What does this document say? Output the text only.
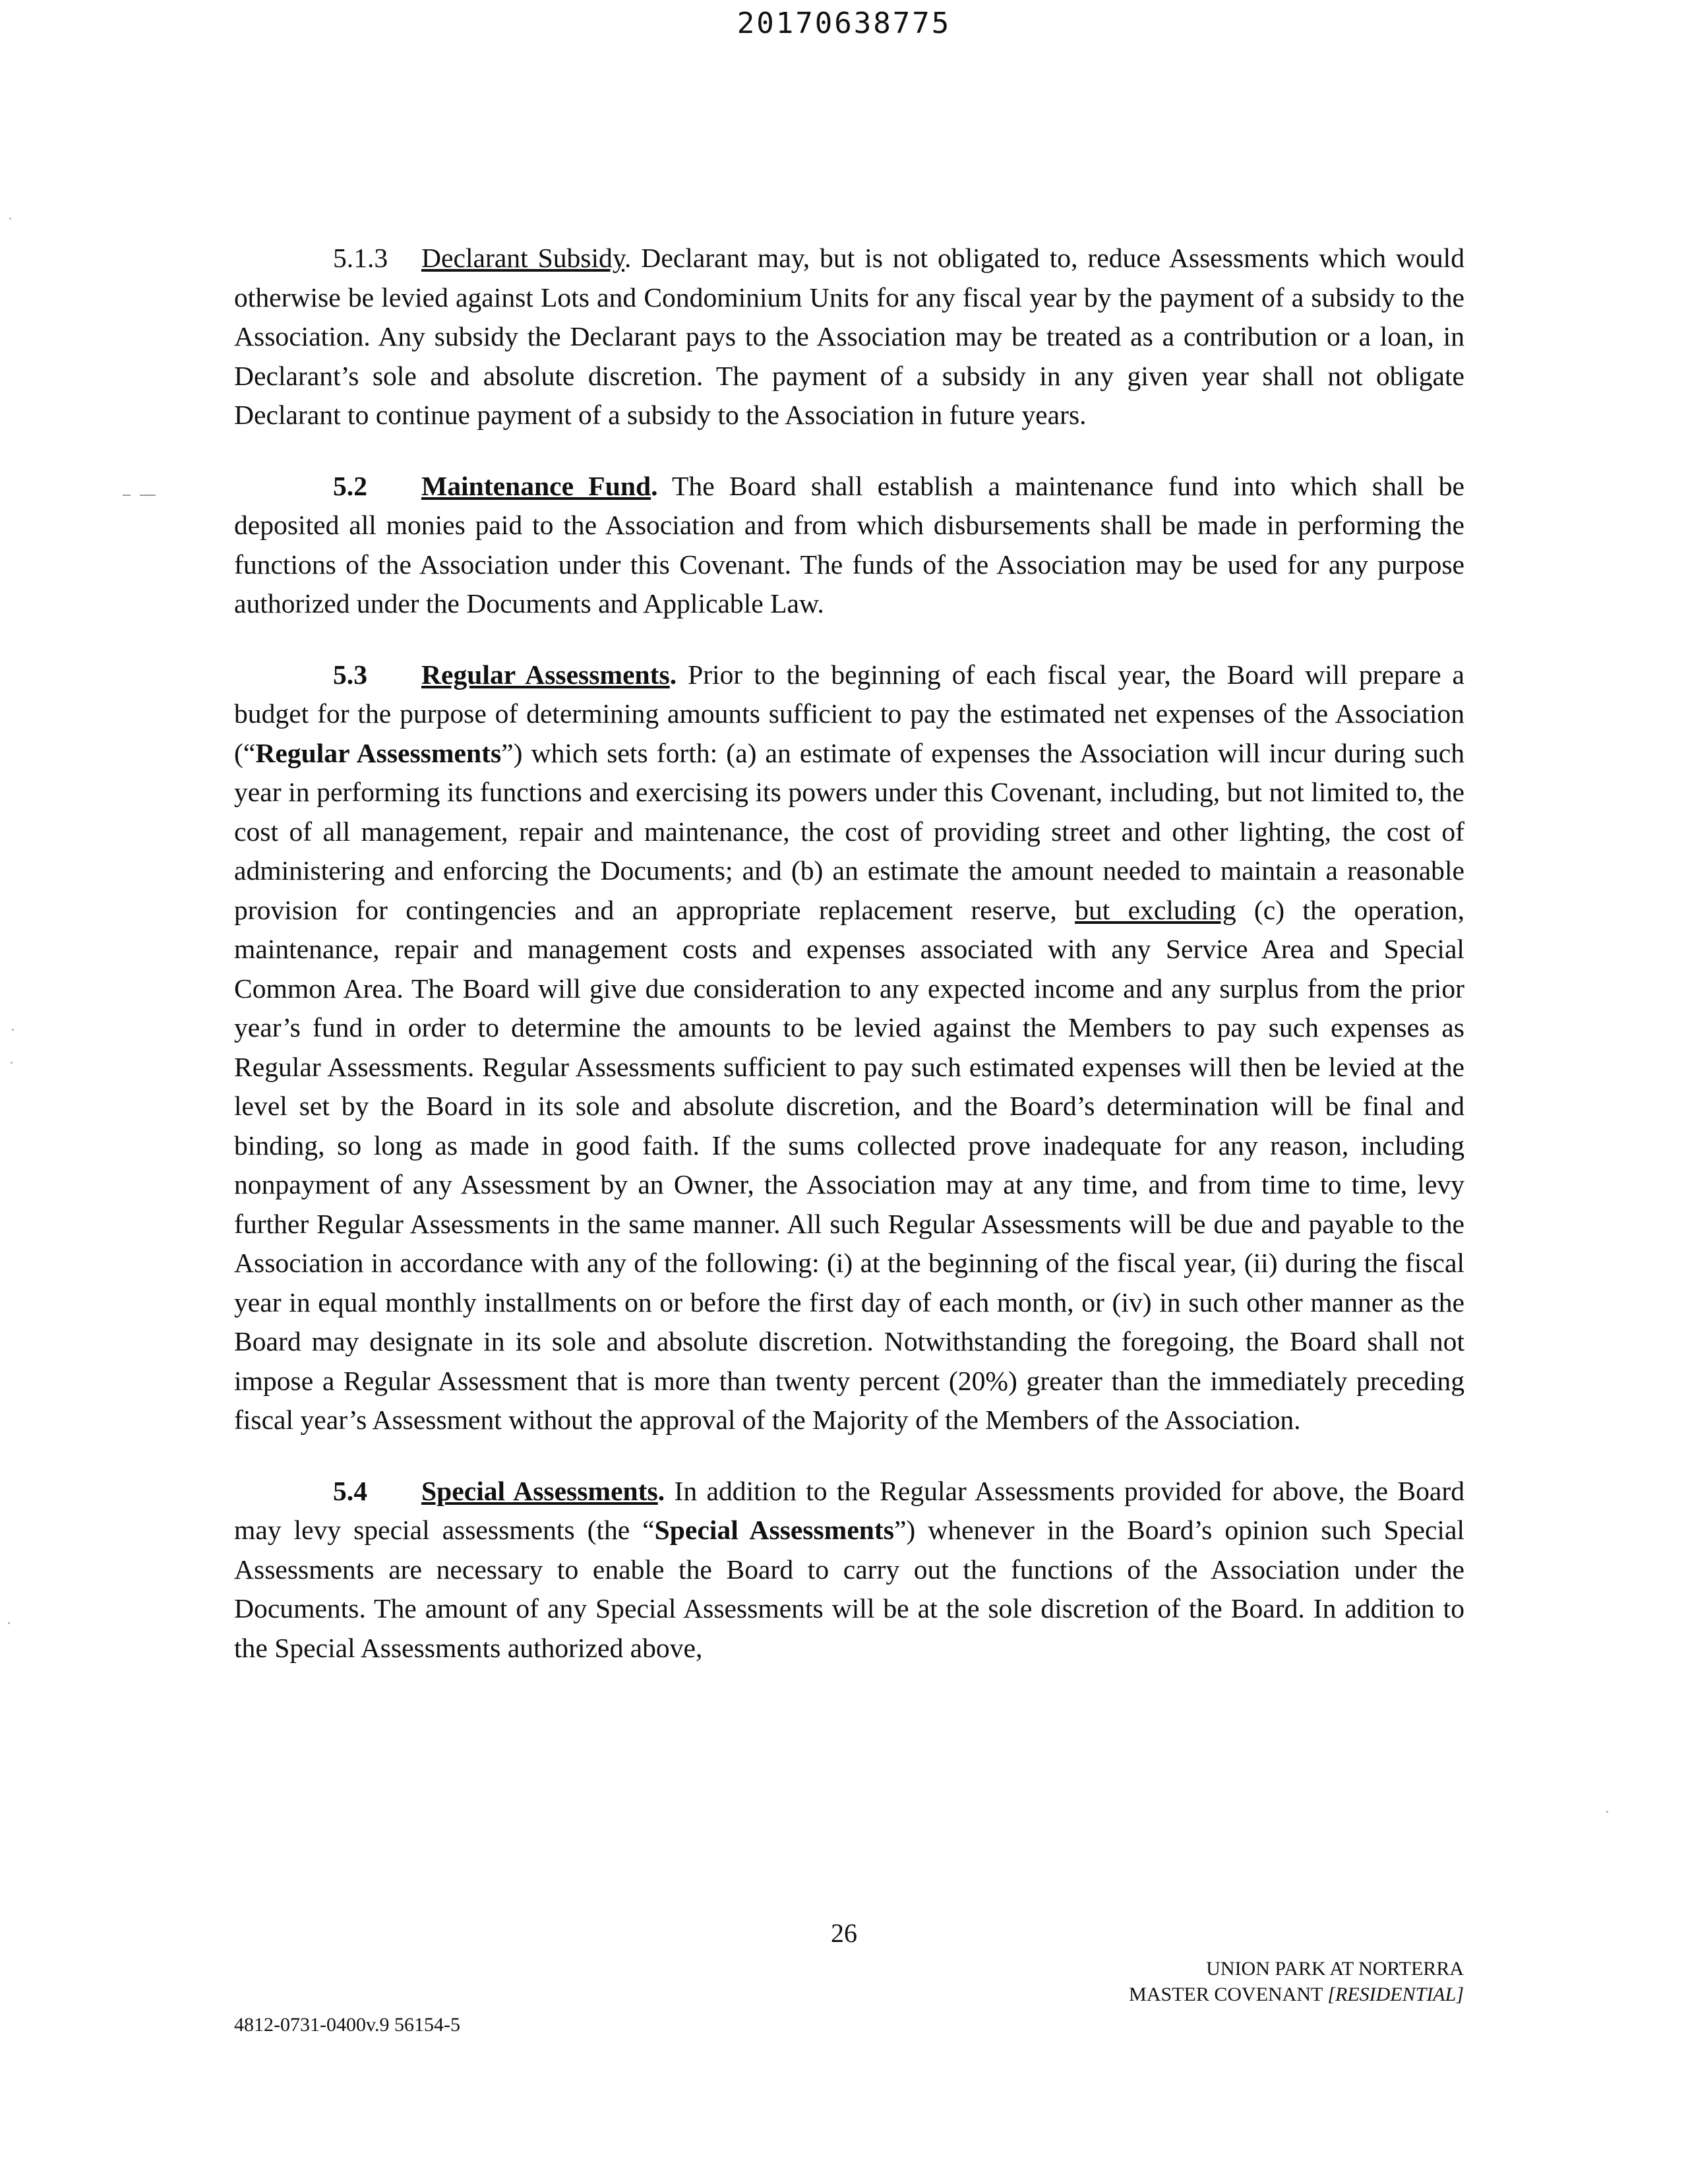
20170638775

5.1.3 Declarant Subsidy. Declarant may, but is not obligated to, reduce Assessments which would otherwise be levied against Lots and Condominium Units for any fiscal year by the payment of a subsidy to the Association. Any subsidy the Declarant pays to the Association may be treated as a contribution or a loan, in Declarant’s sole and absolute discretion. The payment of a subsidy in any given year shall not obligate Declarant to continue payment of a subsidy to the Association in future years.

5.2 Maintenance Fund. The Board shall establish a maintenance fund into which shall be deposited all monies paid to the Association and from which disbursements shall be made in performing the functions of the Association under this Covenant. The funds of the Association may be used for any purpose authorized under the Documents and Applicable Law.

5.3 Regular Assessments. Prior to the beginning of each fiscal year, the Board will prepare a budget for the purpose of determining amounts sufficient to pay the estimated net expenses of the Association (“Regular Assessments”) which sets forth: (a) an estimate of expenses the Association will incur during such year in performing its functions and exercising its powers under this Covenant, including, but not limited to, the cost of all management, repair and maintenance, the cost of providing street and other lighting, the cost of administering and enforcing the Documents; and (b) an estimate the amount needed to maintain a reasonable provision for contingencies and an appropriate replacement reserve, but excluding (c) the operation, maintenance, repair and management costs and expenses associated with any Service Area and Special Common Area. The Board will give due consideration to any expected income and any surplus from the prior year’s fund in order to determine the amounts to be levied against the Members to pay such expenses as Regular Assessments. Regular Assessments sufficient to pay such estimated expenses will then be levied at the level set by the Board in its sole and absolute discretion, and the Board’s determination will be final and binding, so long as made in good faith. If the sums collected prove inadequate for any reason, including nonpayment of any Assessment by an Owner, the Association may at any time, and from time to time, levy further Regular Assessments in the same manner. All such Regular Assessments will be due and payable to the Association in accordance with any of the following: (i) at the beginning of the fiscal year, (ii) during the fiscal year in equal monthly installments on or before the first day of each month, or (iv) in such other manner as the Board may designate in its sole and absolute discretion. Notwithstanding the foregoing, the Board shall not impose a Regular Assessment that is more than twenty percent (20%) greater than the immediately preceding fiscal year’s Assessment without the approval of the Majority of the Members of the Association.

5.4 Special Assessments. In addition to the Regular Assessments provided for above, the Board may levy special assessments (the “Special Assessments”) whenever in the Board’s opinion such Special Assessments are necessary to enable the Board to carry out the functions of the Association under the Documents. The amount of any Special Assessments will be at the sole discretion of the Board. In addition to the Special Assessments authorized above,

26
UNION PARK AT NORTERRA
MASTER COVENANT [RESIDENTIAL]
4812-0731-0400v.9 56154-5
